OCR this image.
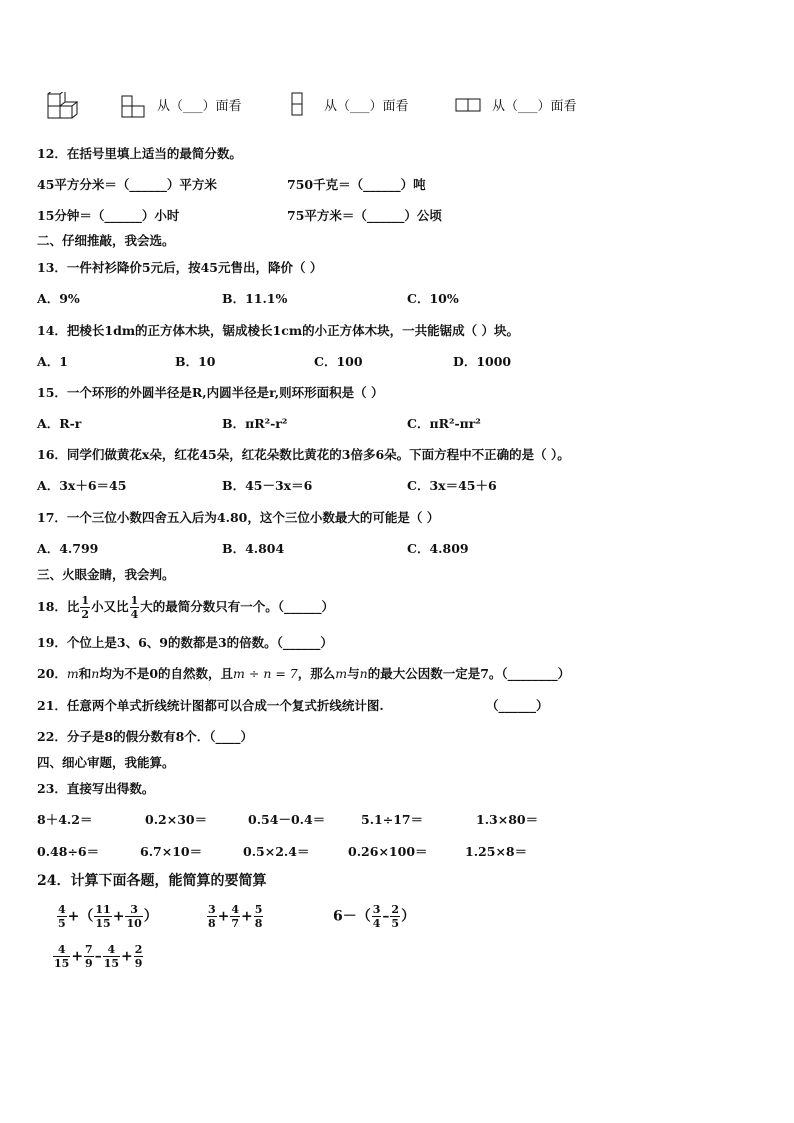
从（___）面看	从（___）面看	从（___）面看
12．在括号里填上适当的最简分数。
45平方分米＝（______）平方米	750千克＝（______）吨
15分钟＝（______）小时	75平方米＝（______）公顷
二、仔细推敲，我会选。
13．一件衬衫降价5元后，按45元售出，降价（ ）
A．9%	B．11.1%	C．10%
14．把棱长1dm的正方体木块，锯成棱长1cm的小正方体木块，一共能锯成（ ）块。
A．1	B．10	C．100	D．1000
15．一个环形的外圆半径是R,内圆半径是r,则环形面积是（ ）
A．R-r	B．πR²-r²	C．πR²-πr²
16．同学们做黄花x朵，红花45朵，红花朵数比黄花的3倍多6朵。下面方程中不正确的是（ ）。
A．3x＋6＝45	B．45－3x＝6	C．3x＝45＋6
17．一个三位小数四舍五入后为4.80，这个三位小数最大的可能是（ ）
A．4.799	B．4.804	C．4.809
三、火眼金睛，我会判。
18．比 $\frac{1}{2}$ 小又比 $\frac{1}{4}$ 大的最简分数只有一个。（______）
19．个位上是3、6、9的数都是3的倍数。（______）
20．m和n均为不是0的自然数，且m ÷ n = 7，那么m与n的最大公因数一定是7。（________）
21．任意两个单式折线统计图都可以合成一个复式折线统计图.	（______）
22．分子是8的假分数有8个．（____）
四、细心审题，我能算。
23．直接写出得数。
8＋4.2＝	0.2×30＝	0.54－0.4＝	5.1÷17＝	1.3×80＝
0.48÷6＝	6.7×10＝	0.5×2.4＝	0.26×100＝	1.25×8＝
24．计算下面各题，能简算的要简算
$\frac{4}{5}$ +（ $\frac{11}{15} + \frac{3}{10}$ ）	$\frac{3}{8} + \frac{4}{7} + \frac{5}{8}$	$6-( \frac{3}{4} - \frac{2}{5}$ ）
$\frac{4}{15} + \frac{7}{9} - \frac{4}{15} + \frac{2}{9}$
